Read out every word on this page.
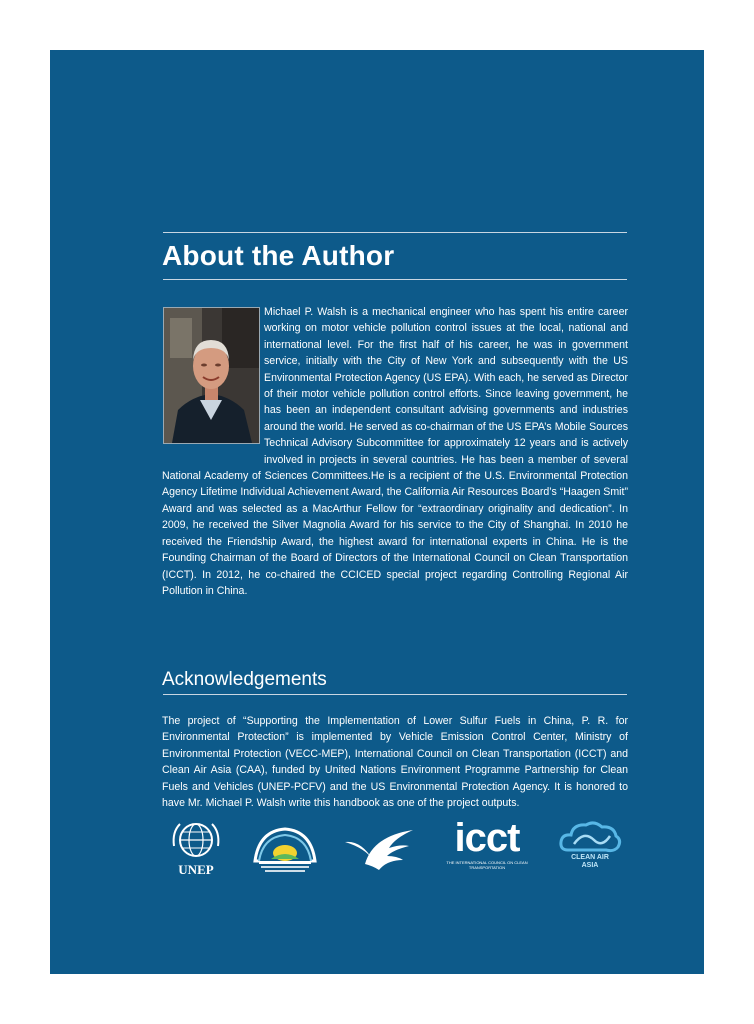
About the Author

Michael P. Walsh is a mechanical engineer who has spent his entire career working on motor vehicle pollution control issues at the local, national and international level. For the first half of his career, he was in government service, initially with the City of New York and subsequently with the US Environmental Protection Agency (US EPA). With each, he served as Director of their motor vehicle pollution control efforts. Since leaving government, he has been an independent consultant advising governments and industries around the world. He served as co-chairman of the US EPA’s Mobile Sources Technical Advisory Subcommittee for approximately 12 years and is actively involved in projects in several countries. He has been a member of several National Academy of Sciences Committees.He is a recipient of the U.S. Environmental Protection Agency Lifetime Individual Achievement Award, the California Air Resources Board’s “Haagen Smit” Award and was selected as a MacArthur Fellow for “extraordinary originality and dedication”. In 2009, he received the Silver Magnolia Award for his service to the City of Shanghai. In 2010 he received the Friendship Award, the highest award for international experts in China. He is the Founding Chairman of the Board of Directors of the International Council on Clean Transportation (ICCT). In 2012, he co-chaired the CCICED special project regarding Controlling Regional Air Pollution in China.

Acknowledgements

The project of “Supporting the Implementation of Lower Sulfur Fuels in China, P. R. for Environmental Protection” is implemented by Vehicle Emission Control Center, Ministry of Environmental Protection (VECC-MEP), International Council on Clean Transportation (ICCT) and Clean Air Asia (CAA), funded by United Nations Environment Programme Partnership for Clean Fuels and Vehicles (UNEP-PCFV) and the US Environmental Protection Agency. It is honored to have Mr. Michael P. Walsh write this handbook as one of the project outputs.

UNEP
icct
THE INTERNATIONAL COUNCIL ON CLEAN TRANSPORTATION
CLEAN AIR
ASIA
